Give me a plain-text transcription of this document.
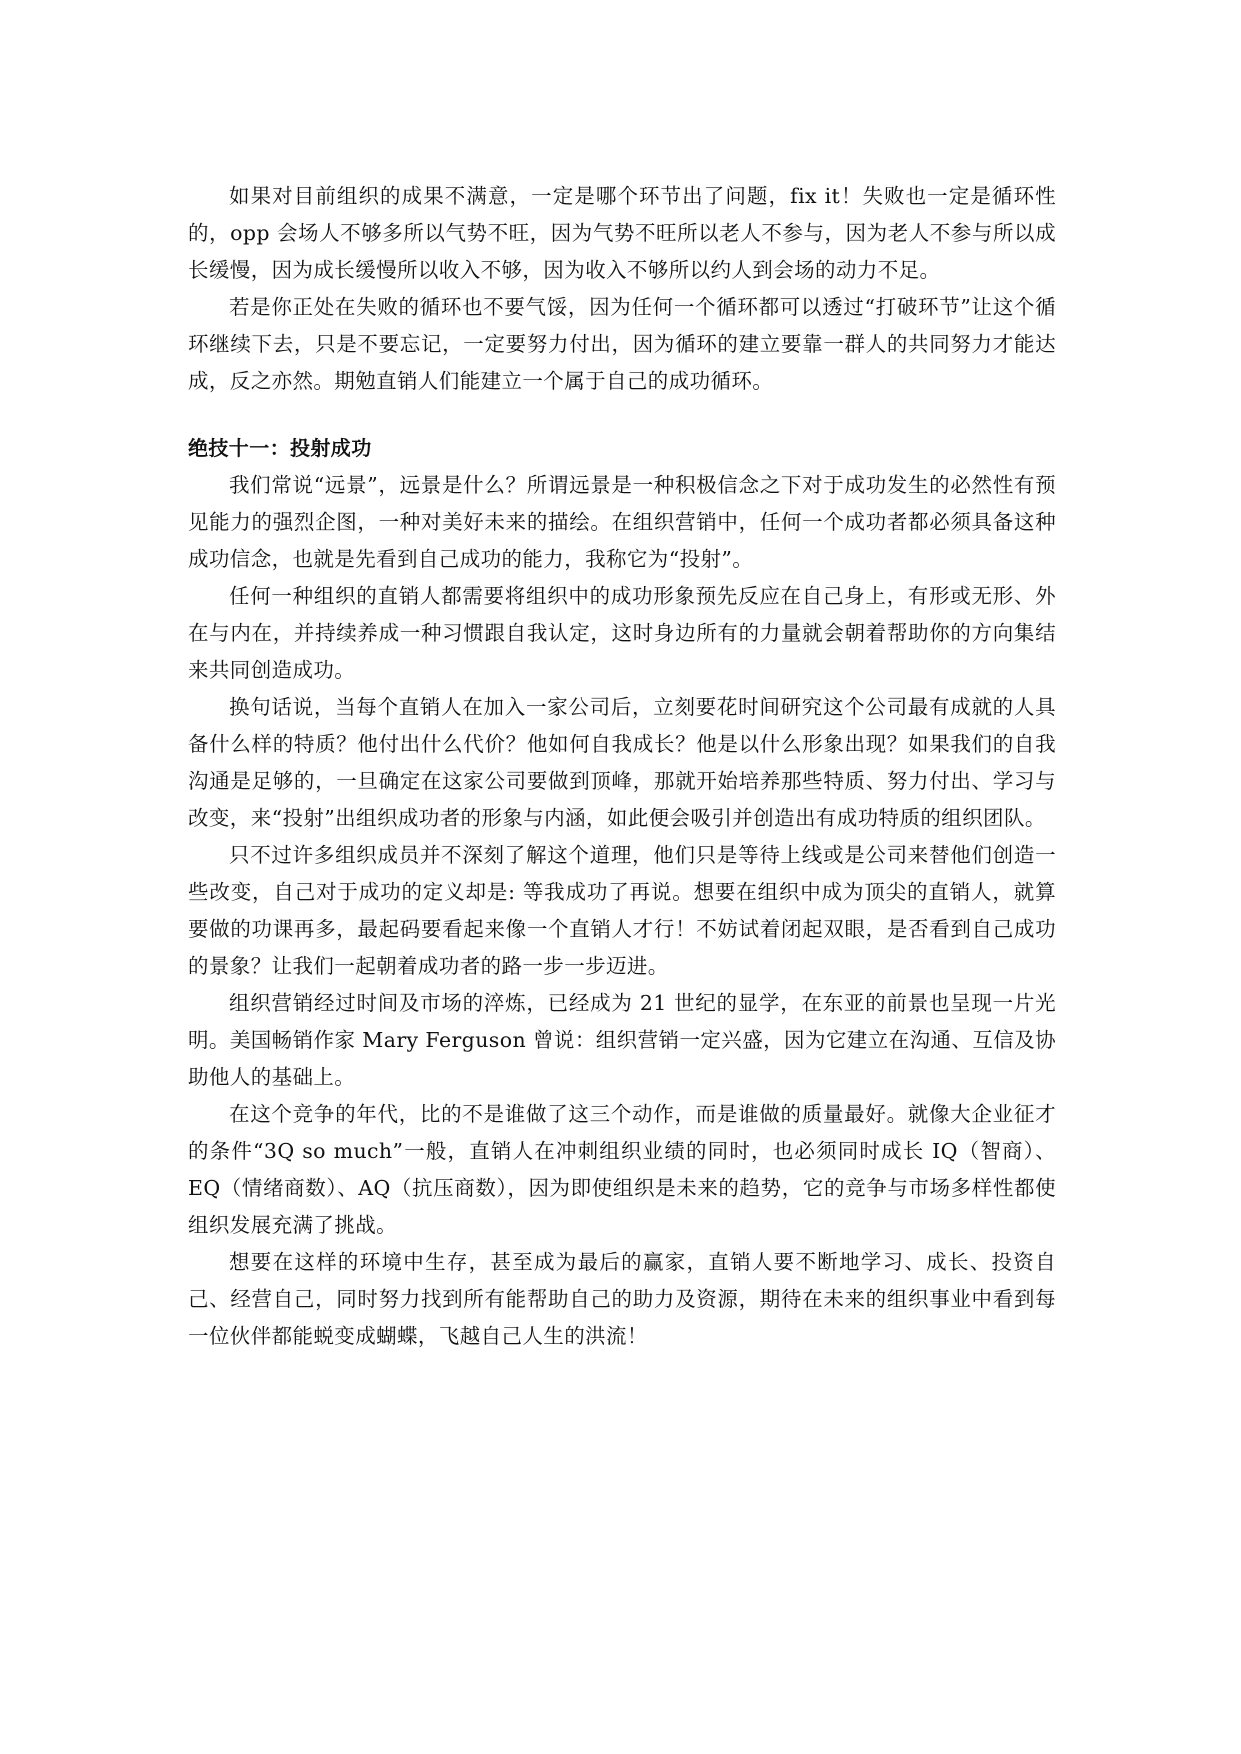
如果对目前组织的成果不满意，一定是哪个环节出了问题，fix it！失败也一定是循环性的，opp 会场人不够多所以气势不旺，因为气势不旺所以老人不参与，因为老人不参与所以成长缓慢，因为成长缓慢所以收入不够，因为收入不够所以约人到会场的动力不足。

若是你正处在失败的循环也不要气馁，因为任何一个循环都可以透过“打破环节”让这个循环继续下去，只是不要忘记，一定要努力付出，因为循环的建立要靠一群人的共同努力才能达成，反之亦然。期勉直销人们能建立一个属于自己的成功循环。

绝技十一：投射成功

我们常说“远景”，远景是什么？所谓远景是一种积极信念之下对于成功发生的必然性有预见能力的强烈企图，一种对美好未来的描绘。在组织营销中，任何一个成功者都必须具备这种成功信念，也就是先看到自己成功的能力，我称它为“投射”。

任何一种组织的直销人都需要将组织中的成功形象预先反应在自己身上，有形或无形、外在与内在，并持续养成一种习惯跟自我认定，这时身边所有的力量就会朝着帮助你的方向集结来共同创造成功。

换句话说，当每个直销人在加入一家公司后，立刻要花时间研究这个公司最有成就的人具备什么样的特质？他付出什么代价？他如何自我成长？他是以什么形象出现？如果我们的自我沟通是足够的，一旦确定在这家公司要做到顶峰，那就开始培养那些特质、努力付出、学习与改变，来“投射”出组织成功者的形象与内涵，如此便会吸引并创造出有成功特质的组织团队。

只不过许多组织成员并不深刻了解这个道理，他们只是等待上线或是公司来替他们创造一些改变，自己对于成功的定义却是: 等我成功了再说。想要在组织中成为顶尖的直销人，就算要做的功课再多，最起码要看起来像一个直销人才行！不妨试着闭起双眼，是否看到自己成功的景象？让我们一起朝着成功者的路一步一步迈进。

组织营销经过时间及市场的淬炼，已经成为 21 世纪的显学，在东亚的前景也呈现一片光明。美国畅销作家 Mary Ferguson 曾说：组织营销一定兴盛，因为它建立在沟通、互信及协助他人的基础上。

在这个竞争的年代，比的不是谁做了这三个动作，而是谁做的质量最好。就像大企业征才的条件“3Q so much”一般，直销人在冲刺组织业绩的同时，也必须同时成长 IQ（智商）、EQ（情绪商数）、AQ（抗压商数），因为即使组织是未来的趋势，它的竞争与市场多样性都使组织发展充满了挑战。

想要在这样的环境中生存，甚至成为最后的赢家，直销人要不断地学习、成长、投资自己、经营自己，同时努力找到所有能帮助自己的助力及资源，期待在未来的组织事业中看到每一位伙伴都能蜕变成蝴蝶，飞越自己人生的洪流！
